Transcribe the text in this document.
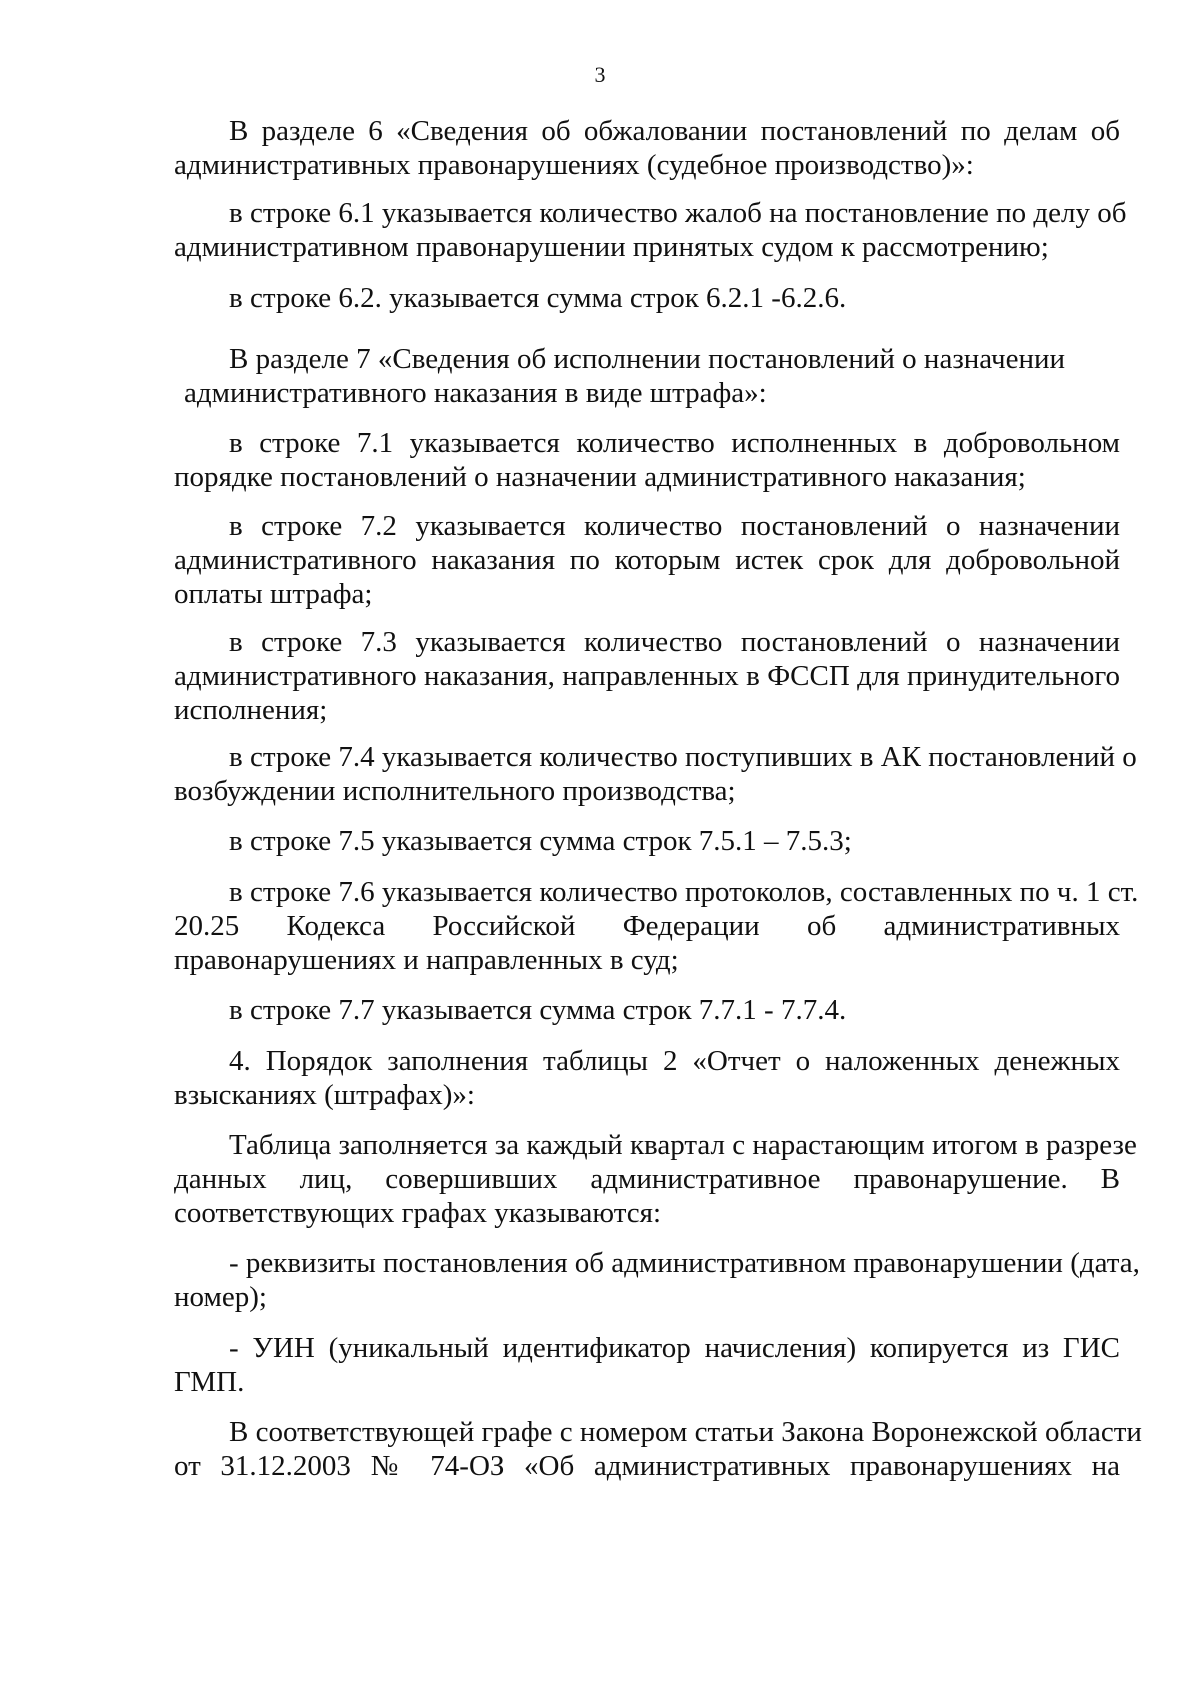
3
В разделе 6 «Сведения об обжаловании постановлений по делам об
административных правонарушениях (судебное производство)»:
в строке 6.1 указывается количество жалоб на постановление по делу об
административном правонарушении принятых судом к рассмотрению;
в строке 6.2. указывается сумма строк 6.2.1 -6.2.6.
В разделе 7 «Сведения об исполнении постановлений о назначении
административного наказания в виде штрафа»:
в строке 7.1 указывается количество исполненных в добровольном
порядке постановлений о назначении административного наказания;
в строке 7.2 указывается количество постановлений о назначении
административного наказания по которым истек срок для добровольной
оплаты штрафа;
в строке 7.3 указывается количество постановлений о назначении
административного наказания, направленных в ФССП для принудительного
исполнения;
в строке 7.4 указывается количество поступивших в АК постановлений о
возбуждении исполнительного производства;
в строке 7.5 указывается сумма строк 7.5.1 – 7.5.3;
в строке 7.6 указывается количество протоколов, составленных по ч. 1 ст.
20.25 Кодекса Российской Федерации об административных
правонарушениях и направленных в суд;
в строке 7.7 указывается сумма строк 7.7.1 - 7.7.4.
4. Порядок заполнения таблицы 2 «Отчет о наложенных денежных
взысканиях (штрафах)»:
Таблица заполняется за каждый квартал с нарастающим итогом в разрезе
данных лиц, совершивших административное правонарушение. В
соответствующих графах указываются:
- реквизиты постановления об административном правонарушении (дата,
номер);
- УИН (уникальный идентификатор начисления) копируется из ГИС
ГМП.
В соответствующей графе с номером статьи Закона Воронежской области
от 31.12.2003 № 74-ОЗ «Об административных правонарушениях на
